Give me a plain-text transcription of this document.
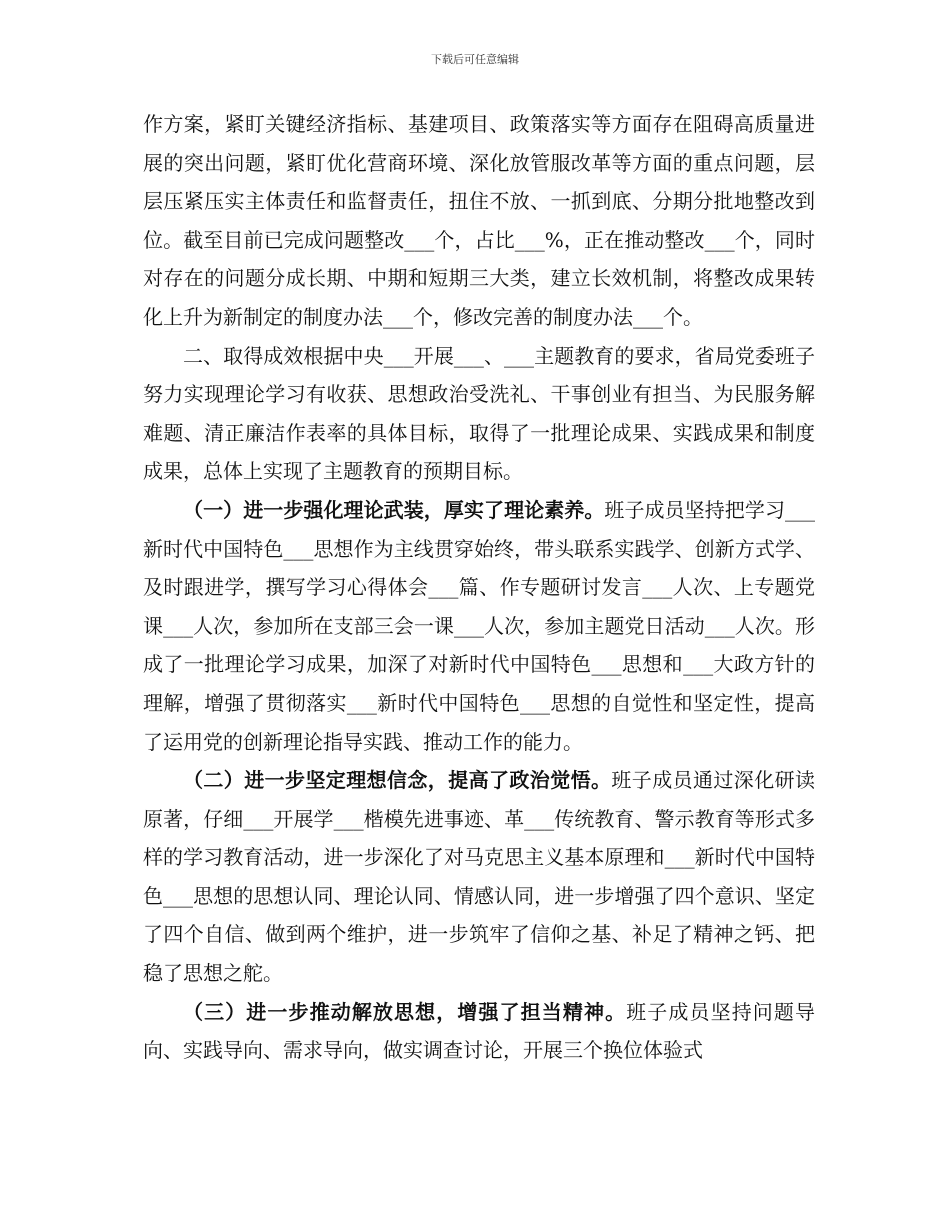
下载后可任意编辑

作方案，紧盯关键经济指标、基建项目、政策落实等方面存在阻碍高质量进展的突出问题，紧盯优化营商环境、深化放管服改革等方面的重点问题，层层压紧压实主体责任和监督责任，扭住不放、一抓到底、分期分批地整改到位。截至目前已完成问题整改___个，占比___%，正在推动整改___个，同时对存在的问题分成长期、中期和短期三大类，建立长效机制，将整改成果转化上升为新制定的制度办法___个，修改完善的制度办法___个。

二、取得成效根据中央___开展___、___主题教育的要求，省局党委班子努力实现理论学习有收获、思想政治受洗礼、干事创业有担当、为民服务解难题、清正廉洁作表率的具体目标，取得了一批理论成果、实践成果和制度成果，总体上实现了主题教育的预期目标。

（一）进一步强化理论武装，厚实了理论素养。班子成员坚持把学习___新时代中国特色___思想作为主线贯穿始终，带头联系实践学、创新方式学、及时跟进学，撰写学习心得体会___篇、作专题研讨发言___人次、上专题党课___人次，参加所在支部三会一课___人次，参加主题党日活动___人次。形成了一批理论学习成果，加深了对新时代中国特色___思想和___大政方针的理解，增强了贯彻落实___新时代中国特色___思想的自觉性和坚定性，提高了运用党的创新理论指导实践、推动工作的能力。

（二）进一步坚定理想信念，提高了政治觉悟。班子成员通过深化研读原著，仔细___开展学___楷模先进事迹、革___传统教育、警示教育等形式多样的学习教育活动，进一步深化了对马克思主义基本原理和___新时代中国特色___思想的思想认同、理论认同、情感认同，进一步增强了四个意识、坚定了四个自信、做到两个维护，进一步筑牢了信仰之基、补足了精神之钙、把稳了思想之舵。

（三）进一步推动解放思想，增强了担当精神。班子成员坚持问题导向、实践导向、需求导向，做实调查讨论，开展三个换位体验式
